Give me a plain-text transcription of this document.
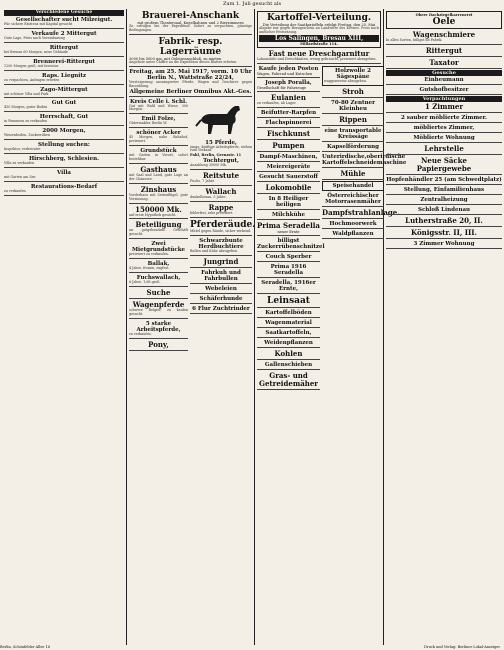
Zum 1. Juli gesucht als
Verschiedene Gesuche
Gesellschafter sucht Milzeigut.
Für sichere Existenz mit Kapital gesucht
Verkaufe 2 Mittergut
Gute Lage, Preis nach Vereinbarung
Rittergut
bei Bernau 60 Morgen, neue Gebäude
Brennerei-Rittergut
1200 Morgen groß, mit Inventar
Raps. Liegnitz
zu verpachten, Anfragen erbeten
Zago-Mittergut
mit schöner Villa und Park
Gut Gut
450 Morgen, guter Boden
Herrschaft, Gut
in Pommern zu verkaufen
2000 Morgen,
Weizenboden, Zuckerrüben
Stellung suchen:
Inspektor, verheiratet
Hirschberg, Schlesien.
Villa zu verkaufen
Villa
mit Garten am See
Restaurations-Bedarf
zu verkaufen
Brauerei-Anschank
mit großem Theatersaal, Kegelbahnen und 2 Bierzimmern
Zu erfragen bei der Expedition. Sofort zu verpachten, günstige Bedingungen.
Fabrik- resp. Lagerräume
3000 bis 5000 qm, mit Geleiseanschluß, zu mieten
Angebote unter Chiffre an die Expedition dieses Blattes erbeten.
Freitag, am 25. Mai 1917, vorm. 10 Uhr
Berlin N., Wattstraße 22/24,
Versteigerung ausrangierter Pferde, Wagen und Geschirre gegen Barzahlung.
Allgemeine Berliner Omnibus Akt.-Ges.
Kreis Celle i. Schl.
Gut mit Wald und Wiese, 300 Morgen.
Emil Folze,
Gütermakler, Berlin W.
schöner Acker
45 Morgen, nahe Bahnhof, preiswert.
Grundstück
mit Garten in Vorort, sofort beziehbar.
Gasthaus
mit Saal und Land, gute Lage an der Chaussee.
Zinshaus
Vorderhaus mit Seitenflügel, gute Verzinsung.
150000 Mk.
auf erste Hypothek gesucht.
Beteiligung
an gutgehendem Geschäft gesucht.
Zwei Mietgrundstücke
preiswert zu verkaufen.
Ballak,
4 Jahre, fromm, zugfest.
Fuchswallach,
6 Jahre, 1,68 groß.
Suche
Wagenpferde
schwere Belgier, zu kaufen gesucht.
5 starke Arbeitspferde,
zu verkaufen.
Pony,
15 Pferde,
junge, kräftige Arbeitspferde, stehen zum Verkauf.
Pahl, Berlin, Grenzstr. 11
Tochtergut,
Anzahlung 30000 Mk.
Reitstute
Fuchs, 7 Jahre.
Wallach
dunkelbraun, 5 Jahre.
Rappe
fehlerfrei, sehr preiswert.
Pferderäude.
Mittel gegen Räude, sicher wirkend.
Schwarzbunte Herdbuchtiere
Bullen und Kühe abzugeben.
Jungrind
Fahrkuh und Fahrbullen
Webeleien
Schäferhunde
6 Flur Zuchtrinder
Kartoffel-Verteilung.
Die Verteilung der Saatkartoffeln erfolgt Freitag, den 25. Mai
Abgabe nur gegen Bezugsschein an Landwirte des Kreises. Preis nach amtlicher Festsetzung.
Los Salingen, Bresau XIII,
Millardstraße 114.
Fast neue Dreschgarnitur
Lokomobile und Dreschkasten, wenig gebraucht, preiswert abzugeben.
Kaufe jeden Posten
Wagen, Fahrrad und Kutschen
Joseph Poralla,
Gesellschaft für Fahrzeuge
Eulanien
zu verkaufen, ab Lager.
Beifutter-Rarpfen
Flachspinnerei
Fischkunst
Pumpen
Dampf-Maschinen,
Meiereigeräte
Gesucht Sauerstoff
Lokomobile
In 8 Heiliger heiligen
Milchkühe
Prima Seradella
neuer Ernte
billigst Zuckerrübenschnitzel
Couch Sperber
Prima 1916 Seradella
Seradella, 1916er Ernte,
Leinsaat
Kartoffelböden
Wagenmaterial
Saatkartoffeln,
Weidenpflanzen
Kohlen
Gallenschieben
Gras- und Getreidemäher
Holzwolle 2 Sägespäne
waggonweise abzugeben.
Stroh
70-80 Zentner Kleinheu
Rippen
eine transportable Kreissäge
Kapselförderung
Unterirdische,oberirdische Kartoffelschneidemaschine
Mühle
Speisehandel
Österreichischer Motorrasenmäher
Dampfstrahlanlage.
Hochmoorwerk
Waldpflanzen
Obere Dachziegelkarrenerei
Oele
Wagenschmiere
In allen Sorten, billigst ab Fabrik.
Rittergut
Taxator
Gesuche
Einheumann
Gutshofbesitzer
Verpachtungen
1 Zimmer
2 sauber möblierte Zimmer.
möbliertes Zimmer,
Möblierte Wohnung
Lehrstelle
Neue Säcke
Papiergewebe
Hopfenhändler 25 (am Schwedtplatz)
Stellung, Einfamilienhaus
Zentralheizung
Schloß Lindenau
Lutherstraße 20, II.
Königsstr. II, III.
3 Zimmer Wohnung
Berlin, Schönfelder Allee 16	Druck und Verlag: Berliner Lokal-Anzeiger
